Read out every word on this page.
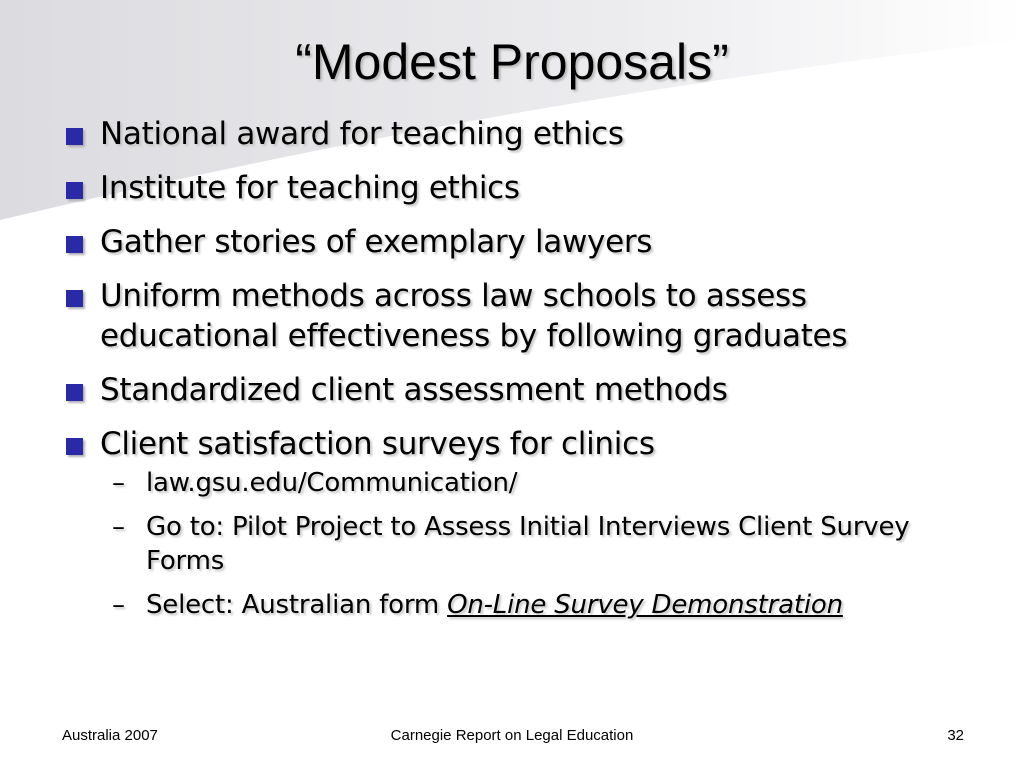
“Modest Proposals”
National award for teaching ethics
Institute for teaching ethics
Gather stories of exemplary lawyers
Uniform methods across law schools to assess educational effectiveness by following graduates
Standardized client assessment methods
Client satisfaction surveys for clinics
– law.gsu.edu/Communication/
– Go to: Pilot Project to Assess Initial Interviews Client Survey Forms
– Select: Australian form On-Line Survey Demonstration
Australia 2007	Carnegie Report on Legal Education	32
